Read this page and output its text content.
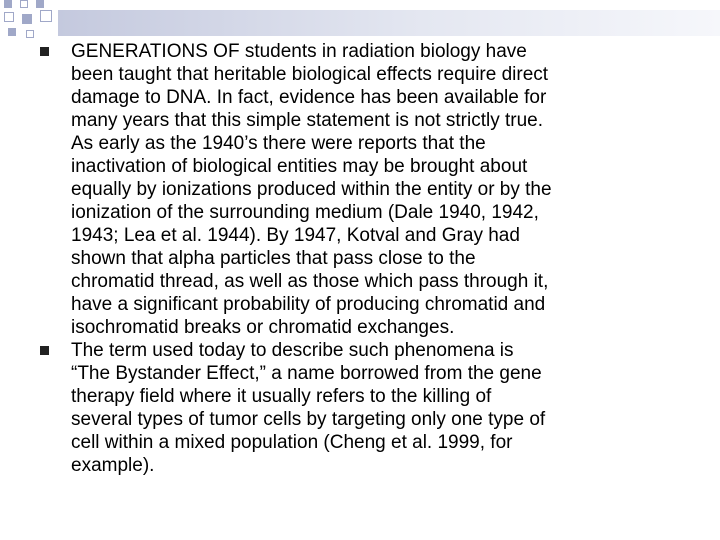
GENERATIONS OF students in radiation biology have
been taught that heritable biological effects require direct
damage to DNA. In fact, evidence has been available for
many years that this simple statement is not strictly true.
As early as the 1940’s there were reports that the
inactivation of biological entities may be brought about
equally by ionizations produced within the entity or by the
ionization of the surrounding medium (Dale 1940, 1942,
1943; Lea et al. 1944). By 1947, Kotval and Gray had
shown that alpha particles that pass close to the
chromatid thread, as well as those which pass through it,
have a significant probability of producing chromatid and
isochromatid breaks or chromatid exchanges.

The term used today to describe such phenomena is
“The Bystander Effect,” a name borrowed from the gene
therapy field where it usually refers to the killing of
several types of tumor cells by targeting only one type of
cell within a mixed population (Cheng et al. 1999, for
example).
